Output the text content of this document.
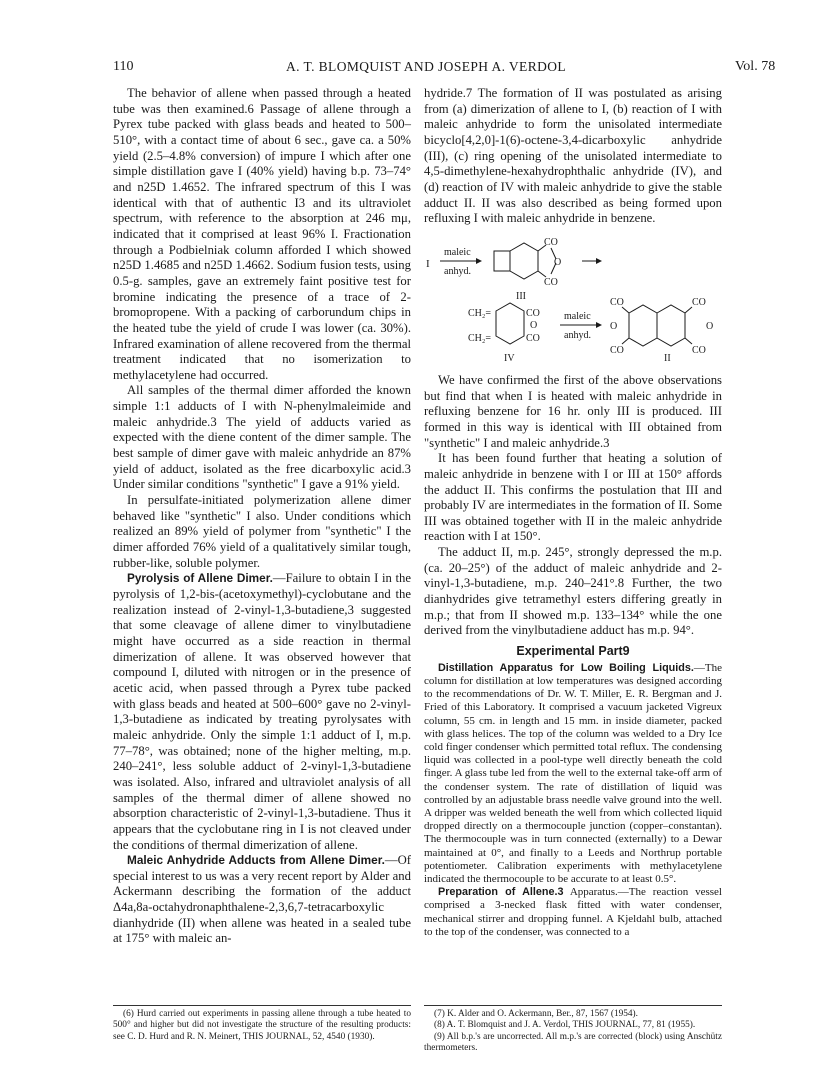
110	A. T. BLOMQUIST AND JOSEPH A. VERDOL	Vol. 78

The behavior of allene when passed through a heated tube was then examined.6 Passage of allene through a Pyrex tube packed with glass beads and heated to 500–510°, with a contact time of about 6 sec., gave ca. a 50% yield (2.5–4.8% conversion) of impure I which after one simple distillation gave I (40% yield) having b.p. 73–74° and n25D 1.4652. The infrared spectrum of this I was identical with that of authentic I3 and its ultraviolet spectrum, with reference to the absorption at 246 mμ, indicated that it comprised at least 96% I. Fractionation through a Podbielniak column afforded I which showed n25D 1.4685 and n25D 1.4662. Sodium fusion tests, using 0.5-g. samples, gave an extremely faint positive test for bromine indicating the presence of a trace of 2-bromopropene. With a packing of carborundum chips in the heated tube the yield of crude I was lower (ca. 30%). Infrared examination of allene recovered from the thermal treatment indicated that no isomerization to methylacetylene had occurred.

All samples of the thermal dimer afforded the known simple 1:1 adducts of I with N-phenylmaleimide and maleic anhydride.3 The yield of adducts varied as expected with the diene content of the dimer sample. The best sample of dimer gave with maleic anhydride an 87% yield of adduct, isolated as the free dicarboxylic acid.3 Under similar conditions "synthetic" I gave a 91% yield.

In persulfate-initiated polymerization allene dimer behaved like "synthetic" I also. Under conditions which realized an 89% yield of polymer from "synthetic" I the dimer afforded 76% yield of a qualitatively similar tough, rubber-like, soluble polymer.

Pyrolysis of Allene Dimer.—Failure to obtain I in the pyrolysis of 1,2-bis-(acetoxymethyl)-cyclobutane and the realization instead of 2-vinyl-1,3-butadiene,3 suggested that some cleavage of allene dimer to vinylbutadiene might have occurred as a side reaction in thermal dimerization of allene. It was observed however that compound I, diluted with nitrogen or in the presence of acetic acid, when passed through a Pyrex tube packed with glass beads and heated at 500–600° gave no 2-vinyl-1,3-butadiene as indicated by treating pyrolysates with maleic anhydride. Only the simple 1:1 adduct of I, m.p. 77–78°, was obtained; none of the higher melting, m.p. 240–241°, less soluble adduct of 2-vinyl-1,3-butadiene was isolated. Also, infrared and ultraviolet analysis of all samples of the thermal dimer of allene showed no absorption characteristic of 2-vinyl-1,3-butadiene. Thus it appears that the cyclobutane ring in I is not cleaved under the conditions of thermal dimerization of allene.

Maleic Anhydride Adducts from Allene Dimer.—Of special interest to us was a very recent report by Alder and Ackermann describing the formation of the adduct Δ4a,8a-octahydronaphthalene-2,3,6,7-tetracarboxylic dianhydride (II) when allene was heated in a sealed tube at 175° with maleic an-

(6) Hurd carried out experiments in passing allene through a tube heated to 500° and higher but did not investigate the structure of the resulting products: see C. D. Hurd and R. N. Meinert, THIS JOURNAL, 52, 4540 (1930).

hydride.7 The formation of II was postulated as arising from (a) dimerization of allene to I, (b) reaction of I with maleic anhydride to form the unisolated intermediate bicyclo[4,2,0]-1(6)-octene-3,4-dicarboxylic anhydride (III), (c) ring opening of the unisolated intermediate to 4,5-dimethylene-hexahydrophthalic anhydride (IV), and (d) reaction of IV with maleic anhydride to give the stable adduct II. II was also described as being formed upon refluxing I with maleic anhydride in benzene.

I
maleic
anhyd.
CO
O
CO
III
CH₂=
CH₂=
CO
O
CO
IV
maleic
anhyd.
CO
O
CO
CO
O
CO
II

We have confirmed the first of the above observations but find that when I is heated with maleic anhydride in refluxing benzene for 16 hr. only III is produced. III formed in this way is identical with III obtained from "synthetic" I and maleic anhydride.3

It has been found further that heating a solution of maleic anhydride in benzene with I or III at 150° affords the adduct II. This confirms the postulation that III and probably IV are intermediates in the formation of II. Some III was obtained together with II in the maleic anhydride reaction with I at 150°.

The adduct II, m.p. 245°, strongly depressed the m.p. (ca. 20–25°) of the adduct of maleic anhydride and 2-vinyl-1,3-butadiene, m.p. 240–241°.8 Further, the two dianhydrides give tetramethyl esters differing greatly in m.p.; that from II showed m.p. 133–134° while the one derived from the vinylbutadiene adduct has m.p. 94°.

Experimental Part9

Distillation Apparatus for Low Boiling Liquids.—The column for distillation at low temperatures was designed according to the recommendations of Dr. W. T. Miller, E. R. Bergman and J. Fried of this Laboratory. It comprised a vacuum jacketed Vigreux column, 55 cm. in length and 15 mm. in inside diameter, packed with glass helices. The top of the column was welded to a Dry Ice cold finger condenser which permitted total reflux. The condensing liquid was collected in a pool-type well directly beneath the cold finger. A glass tube led from the well to the external take-off arm of the condenser system. The rate of distillation of liquid was controlled by an adjustable brass needle valve ground into the well. A dripper was welded beneath the well from which collected liquid dropped directly on a thermocouple junction (copper–constantan). The thermocouple was in turn connected (externally) to a Dewar maintained at 0°, and finally to a Leeds and Northrup portable potentiometer. Calibration experiments with methylacetylene indicated the thermocouple to be accurate to at least 0.5°.

Preparation of Allene.3 Apparatus.—The reaction vessel comprised a 3-necked flask fitted with water condenser, mechanical stirrer and dropping funnel. A Kjeldahl bulb, attached to the top of the condenser, was connected to a

(7) K. Alder and O. Ackermann, Ber., 87, 1567 (1954).

(8) A. T. Blomquist and J. A. Verdol, THIS JOURNAL, 77, 81 (1955).

(9) All b.p.'s are uncorrected. All m.p.'s are corrected (block) using Anschütz thermometers.
